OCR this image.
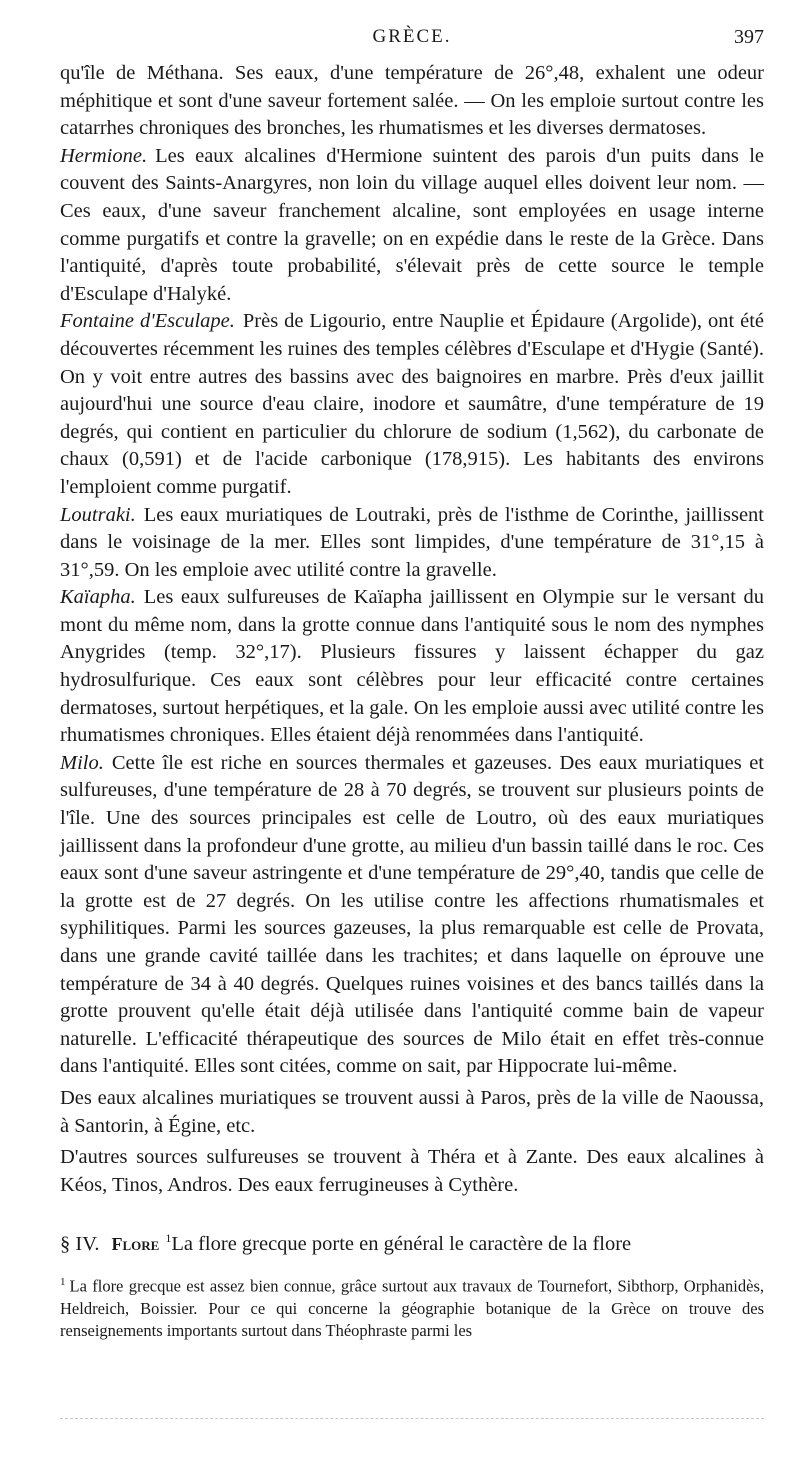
GRÈCE.	397

qu'île de Méthana. Ses eaux, d'une température de 26°,48, exhalent une odeur méphitique et sont d'une saveur fortement salée. — On les emploie surtout contre les catarrhes chroniques des bronches, les rhumatismes et les diverses dermatoses.

Hermione. Les eaux alcalines d'Hermione suintent des parois d'un puits dans le couvent des Saints-Anargyres, non loin du village auquel elles doivent leur nom. — Ces eaux, d'une saveur franchement alcaline, sont employées en usage interne comme purgatifs et contre la gravelle; on en expédie dans le reste de la Grèce. Dans l'antiquité, d'après toute probabilité, s'élevait près de cette source le temple d'Esculape d'Halyké.

Fontaine d'Esculape. Près de Ligourio, entre Nauplie et Épidaure (Argolide), ont été découvertes récemment les ruines des temples célèbres d'Esculape et d'Hygie (Santé). On y voit entre autres des bassins avec des baignoires en marbre. Près d'eux jaillit aujourd'hui une source d'eau claire, inodore et saumâtre, d'une température de 19 degrés, qui contient en particulier du chlorure de sodium (1,562), du carbonate de chaux (0,591) et de l'acide carbonique (178,915). Les habitants des environs l'emploient comme purgatif.

Loutraki. Les eaux muriatiques de Loutraki, près de l'isthme de Corinthe, jaillissent dans le voisinage de la mer. Elles sont limpides, d'une température de 31°,15 à 31°,59. On les emploie avec utilité contre la gravelle.

Kaïapha. Les eaux sulfureuses de Kaïapha jaillissent en Olympie sur le versant du mont du même nom, dans la grotte connue dans l'antiquité sous le nom des nymphes Anygrides (temp. 32°,17). Plusieurs fissures y laissent échapper du gaz hydrosulfurique. Ces eaux sont célèbres pour leur efficacité contre certaines dermatoses, surtout herpétiques, et la gale. On les emploie aussi avec utilité contre les rhumatismes chroniques. Elles étaient déjà renommées dans l'antiquité.

Milo. Cette île est riche en sources thermales et gazeuses. Des eaux muriatiques et sulfureuses, d'une température de 28 à 70 degrés, se trouvent sur plusieurs points de l'île. Une des sources principales est celle de Loutro, où des eaux muriatiques jaillissent dans la profondeur d'une grotte, au milieu d'un bassin taillé dans le roc. Ces eaux sont d'une saveur astringente et d'une température de 29°,40, tandis que celle de la grotte est de 27 degrés. On les utilise contre les affections rhumatismales et syphilitiques. Parmi les sources gazeuses, la plus remarquable est celle de Provata, dans une grande cavité taillée dans les trachites; et dans laquelle on éprouve une température de 34 à 40 degrés. Quelques ruines voisines et des bancs taillés dans la grotte prouvent qu'elle était déjà utilisée dans l'antiquité comme bain de vapeur naturelle. L'efficacité thérapeutique des sources de Milo était en effet très-connue dans l'antiquité. Elles sont citées, comme on sait, par Hippocrate lui-même.

Des eaux alcalines muriatiques se trouvent aussi à Paros, près de la ville de Naoussa, à Santorin, à Égine, etc.

D'autres sources sulfureuses se trouvent à Théra et à Zante. Des eaux alcalines à Kéos, Tinos, Andros. Des eaux ferrugineuses à Cythère.

§ IV. Flore $^1$La flore grecque porte en général le caractère de la flore

$^1$ La flore grecque est assez bien connue, grâce surtout aux travaux de Tournefort, Sibthorp, Orphanidès, Heldreich, Boissier. Pour ce qui concerne la géographie botanique de la Grèce on trouve des renseignements importants surtout dans Théophraste parmi les
